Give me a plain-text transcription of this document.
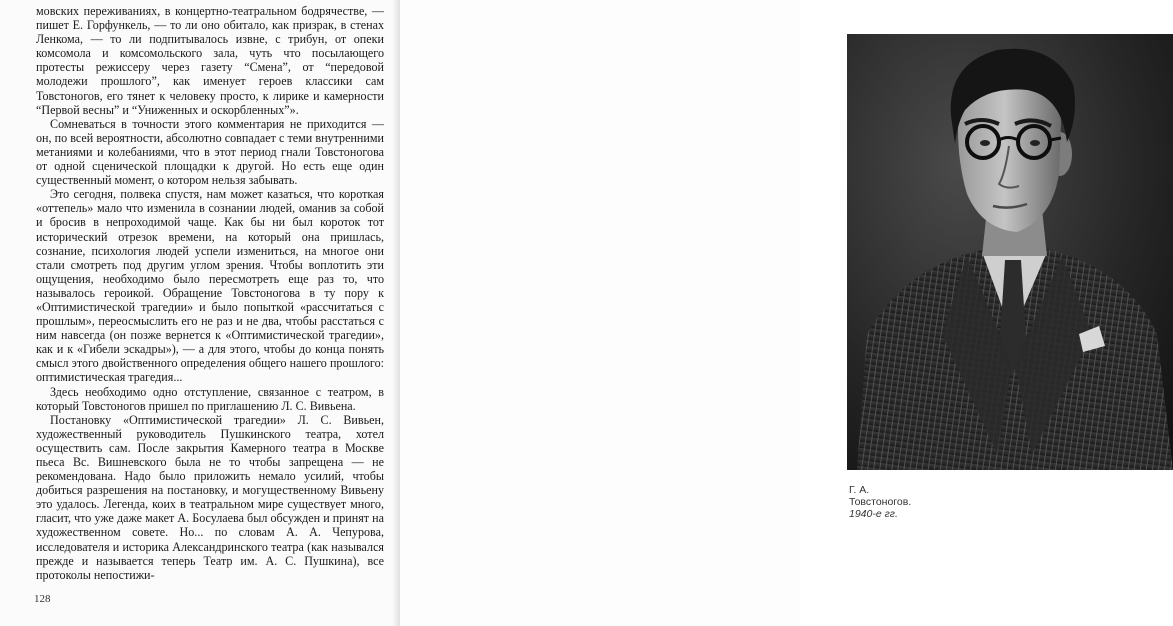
мовских переживаниях, в концертно-театральном бодрячестве, — пишет Е. Горфункель, — то ли оно обитало, как призрак, в стенах Ленкома, — то ли подпитывалось извне, с трибун, от опеки комсомола и комсомольского зала, чуть что посылающего протесты режиссеру через газету “Смена”, от “передовой молодежи прошлого”, как именует героев классики сам Товстоногов, его тянет к человеку просто, к лирике и камерности “Первой весны” и “Униженных и оскорбленных”».

Сомневаться в точности этого комментария не приходится — он, по всей вероятности, абсолютно совпадает с теми внутренними метаниями и колебаниями, что в этот период гнали Товстоногова от одной сценической площадки к другой. Но есть еще один существенный момент, о котором нельзя забывать.

Это сегодня, полвека спустя, нам может казаться, что короткая «оттепель» мало что изменила в сознании людей, оманив за собой и бросив в непроходимой чаще. Как бы ни был короток тот исторический отрезок времени, на который она пришлась, сознание, психология людей успели измениться, на многое они стали смотреть под другим углом зрения. Чтобы воплотить эти ощущения, необходимо было пересмотреть еще раз то, что называлось героикой. Обращение Товстоногова в ту пору к «Оптимистической трагедии» и было попыткой «рассчитаться с прошлым», переосмыслить его не раз и не два, чтобы расстаться с ним навсегда (он позже вернется к «Оптимистической трагедии», как и к «Гибели эскадры»), — а для этого, чтобы до конца понять смысл этого двойственного определения общего нашего прошлого: оптимистическая трагедия...

Здесь необходимо одно отступление, связанное с театром, в который Товстоногов пришел по приглашению Л. С. Вивьена.

Постановку «Оптимистической трагедии» Л. С. Вивьен, художественный руководитель Пушкинского театра, хотел осуществить сам. После закрытия Камерного театра в Москве пьеса Вс. Вишневского была не то чтобы запрещена — не рекомендована. Надо было приложить немало усилий, чтобы добиться разрешения на постановку, и могущественному Вивьену это удалось. Легенда, коих в театральном мире существует много, гласит, что уже даже макет А. Босулаева был обсужден и принят на художественном совете. Но... по словам А. А. Чепурова, исследователя и историка Александринского театра (как назывался прежде и называется теперь Театр им. А. С. Пушкина), все протоколы непостижи-

128
Г. А. Товстоногов. 1940-е гг.
